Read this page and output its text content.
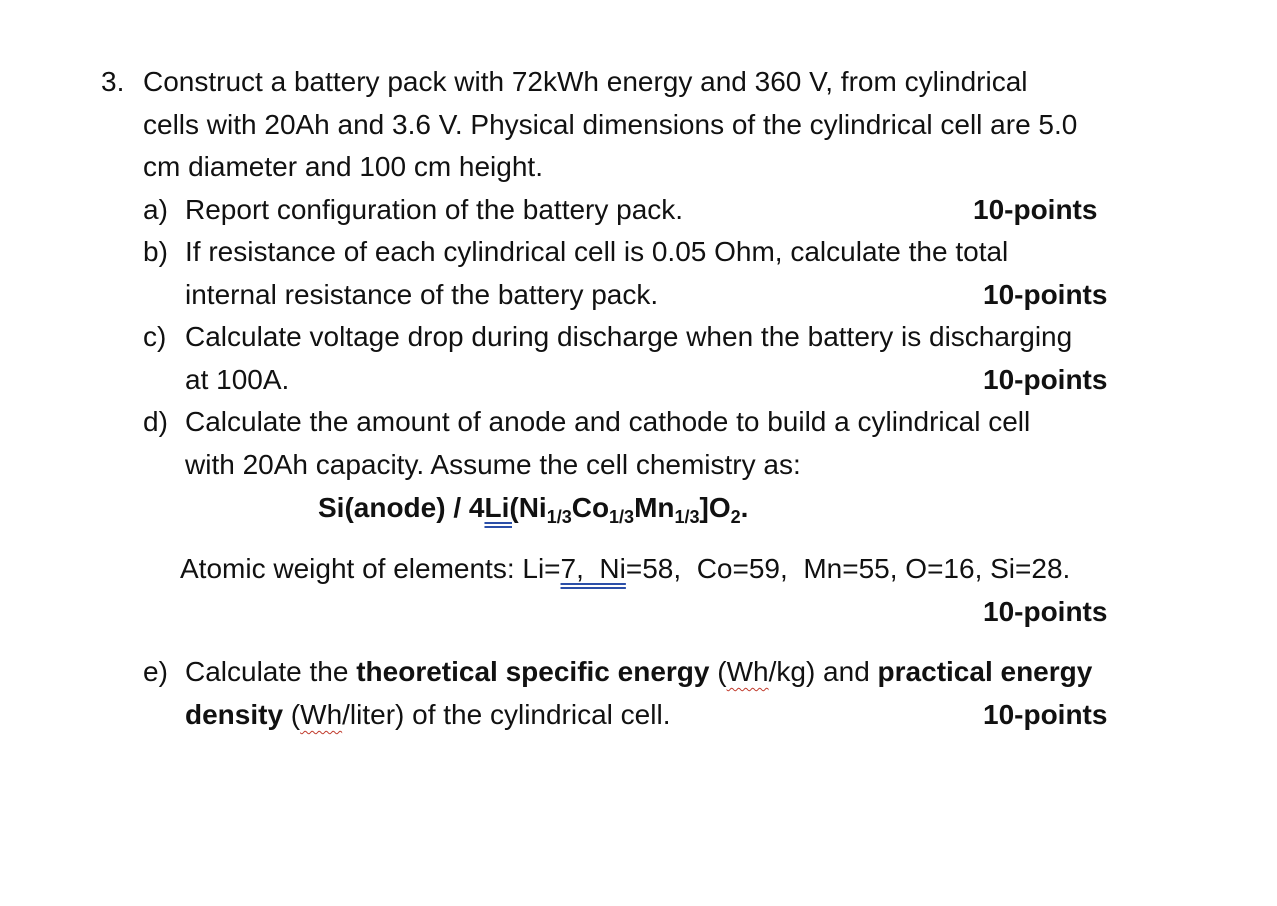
3. Construct a battery pack with 72kWh energy and 360 V, from cylindrical
cells with 20Ah and 3.6 V. Physical dimensions of the cylindrical cell are 5.0
cm diameter and 100 cm height.
a) Report configuration of the battery pack.	10-points
b) If resistance of each cylindrical cell is 0.05 Ohm, calculate the total
internal resistance of the battery pack.	10-points
c) Calculate voltage drop during discharge when the battery is discharging
at 100A.	10-points
d) Calculate the amount of anode and cathode to build a cylindrical cell
with 20Ah capacity. Assume the cell chemistry as:
Si(anode) / $4Li(Ni_{1/3}Co_{1/3}Mn_{1/3}]O_2$.
Atomic weight of elements: Li=7,  Ni=58,  Co=59,  Mn=55, O=16, Si=28.
10-points
e) Calculate the theoretical specific energy (Wh/kg) and practical energy
density (Wh/liter) of the cylindrical cell.	10-points
